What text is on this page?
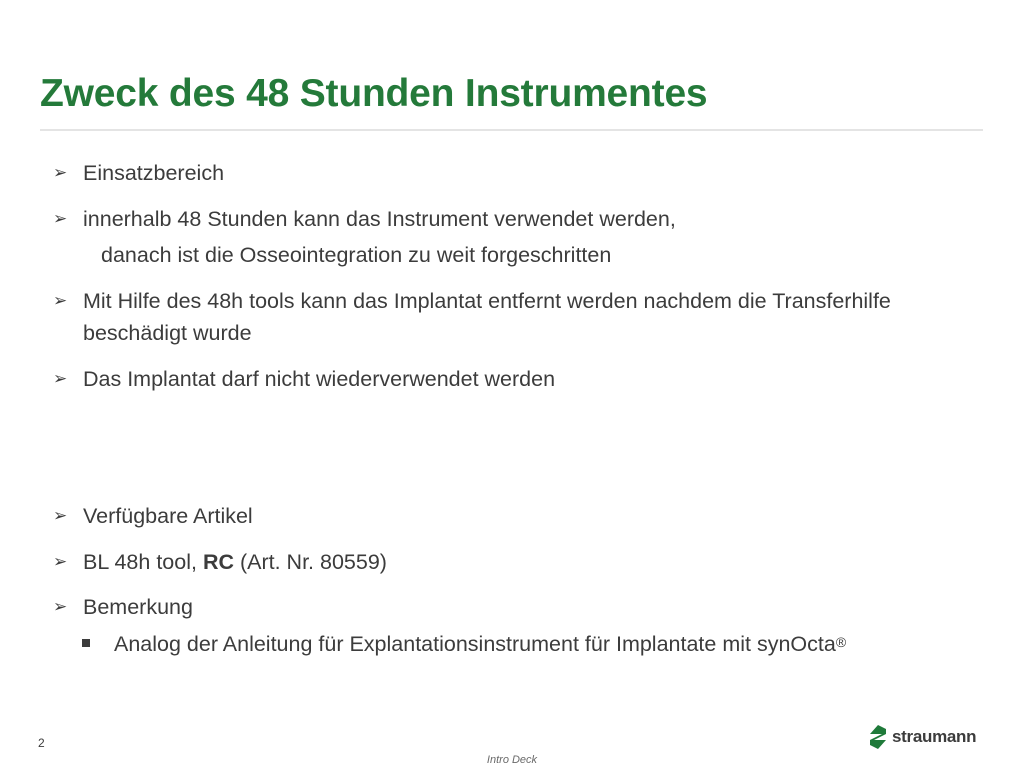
Zweck des 48 Stunden Instrumentes
➢ Einsatzbereich
➢ innerhalb 48 Stunden kann das Instrument verwendet werden,
danach ist die Osseointegration zu weit forgeschritten
➢ Mit Hilfe des 48h tools kann das Implantat entfernt werden nachdem die Transferhilfe
beschädigt wurde
➢ Das Implantat darf nicht wiederverwendet werden
➢ Verfügbare Artikel
➢ BL 48h tool, RC (Art. Nr. 80559)
➢ Bemerkung
Analog der Anleitung für Explantationsinstrument für Implantate mit synOcta®
2
Intro Deck
straumann
